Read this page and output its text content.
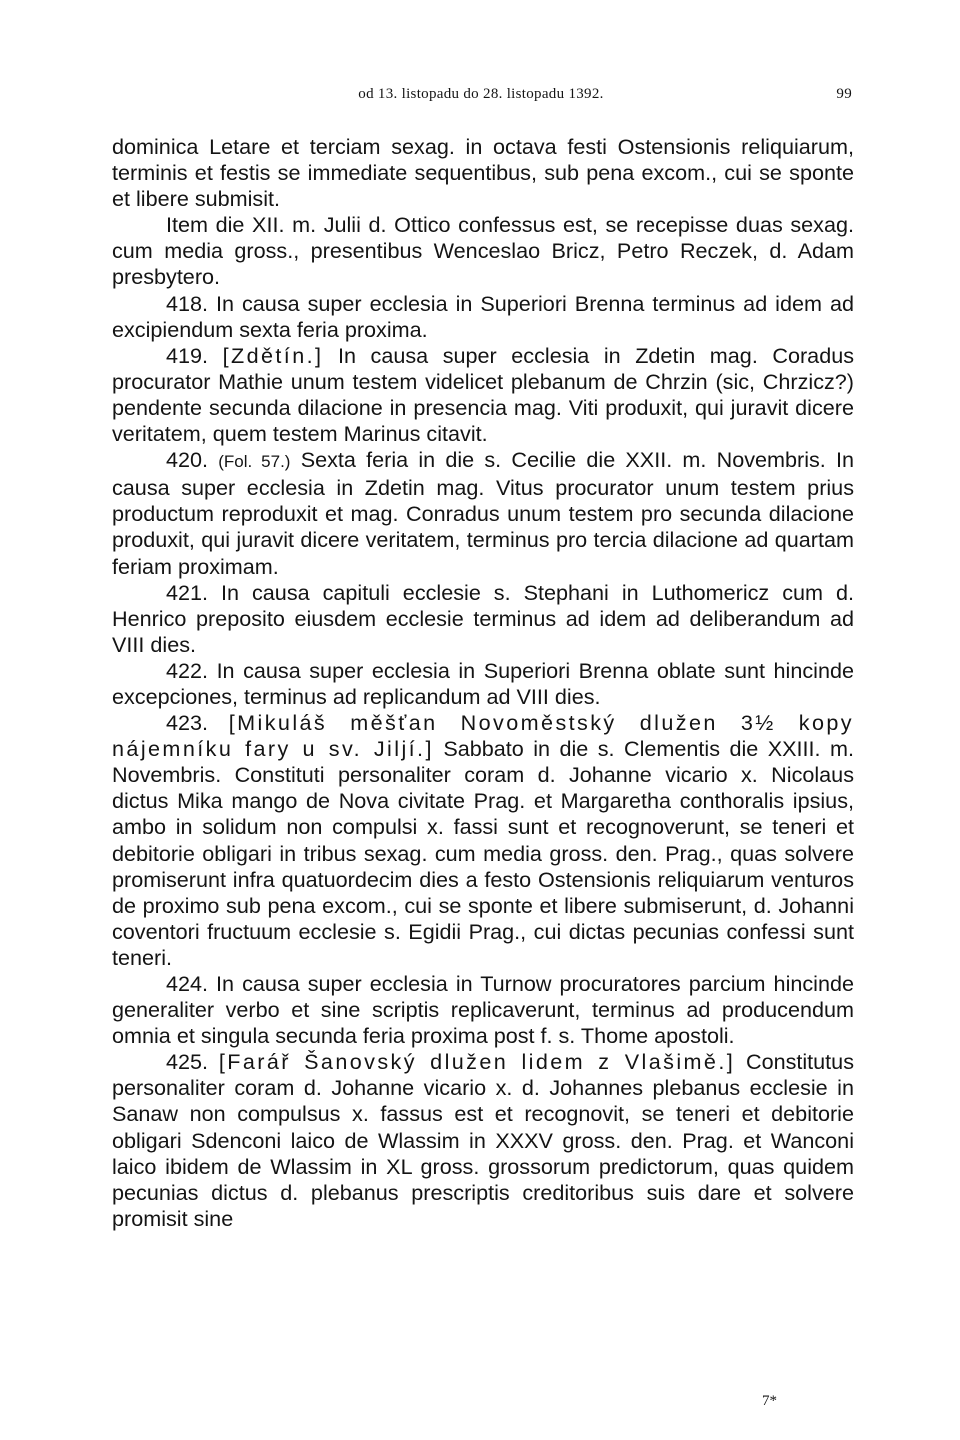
od 13. listopadu do 28. listopadu 1392.	99

dominica Letare et terciam sexag. in octava festi Ostensionis reliquiarum, terminis et festis se immediate sequentibus, sub pena excom., cui se sponte et libere submisit.

Item die XII. m. Julii d. Ottico confessus est, se recepisse duas sexag. cum media gross., presentibus Wenceslao Bricz, Petro Reczek, d. Adam presbytero.

418. In causa super ecclesia in Superiori Brenna terminus ad idem ad excipiendum sexta feria proxima.

419. [Zdětín.] In causa super ecclesia in Zdetin mag. Coradus procurator Mathie unum testem videlicet plebanum de Chrzin (sic, Chrzicz?) pendente secunda dilacione in presencia mag. Viti produxit, qui juravit dicere veritatem, quem testem Marinus citavit.

420. (Fol. 57.) Sexta feria in die s. Cecilie die XXII. m. Novembris. In causa super ecclesia in Zdetin mag. Vitus procurator unum testem prius productum reproduxit et mag. Conradus unum testem pro secunda dilacione produxit, qui juravit dicere veritatem, terminus pro tercia dilacione ad quartam feriam proximam.

421. In causa capituli ecclesie s. Stephani in Luthomericz cum d. Henrico preposito eiusdem ecclesie terminus ad idem ad deliberandum ad VIII dies.

422. In causa super ecclesia in Superiori Brenna oblate sunt hincinde excepciones, terminus ad replicandum ad VIII dies.

423. [Mikuláš měšťan Novoměstský dlužen 3½ kopy nájemníku fary u sv. Jiljí.] Sabbato in die s. Clementis die XXIII. m. Novembris. Constituti personaliter coram d. Johanne vicario x. Nicolaus dictus Mika mango de Nova civitate Prag. et Margaretha conthoralis ipsius, ambo in solidum non compulsi x. fassi sunt et recognoverunt, se teneri et debitorie obligari in tribus sexag. cum media gross. den. Prag., quas solvere promiserunt infra quatuordecim dies a festo Ostensionis reliquiarum venturos de proximo sub pena excom., cui se sponte et libere submiserunt, d. Johanni coventori fructuum ecclesie s. Egidii Prag., cui dictas pecunias confessi sunt teneri.

424. In causa super ecclesia in Turnow procuratores parcium hincinde generaliter verbo et sine scriptis replicaverunt, terminus ad producendum omnia et singula secunda feria proxima post f. s. Thome apostoli.

425. [Farář Šanovský dlužen lidem z Vlašimě.] Constitutus personaliter coram d. Johanne vicario x. d. Johannes plebanus ecclesie in Sanaw non compulsus x. fassus est et recognovit, se teneri et debitorie obligari Sdenconi laico de Wlassim in XXXV gross. den. Prag. et Wanconi laico ibidem de Wlassim in XL gross. grossorum predictorum, quas quidem pecunias dictus d. plebanus prescriptis creditoribus suis dare et solvere promisit sine

7*
